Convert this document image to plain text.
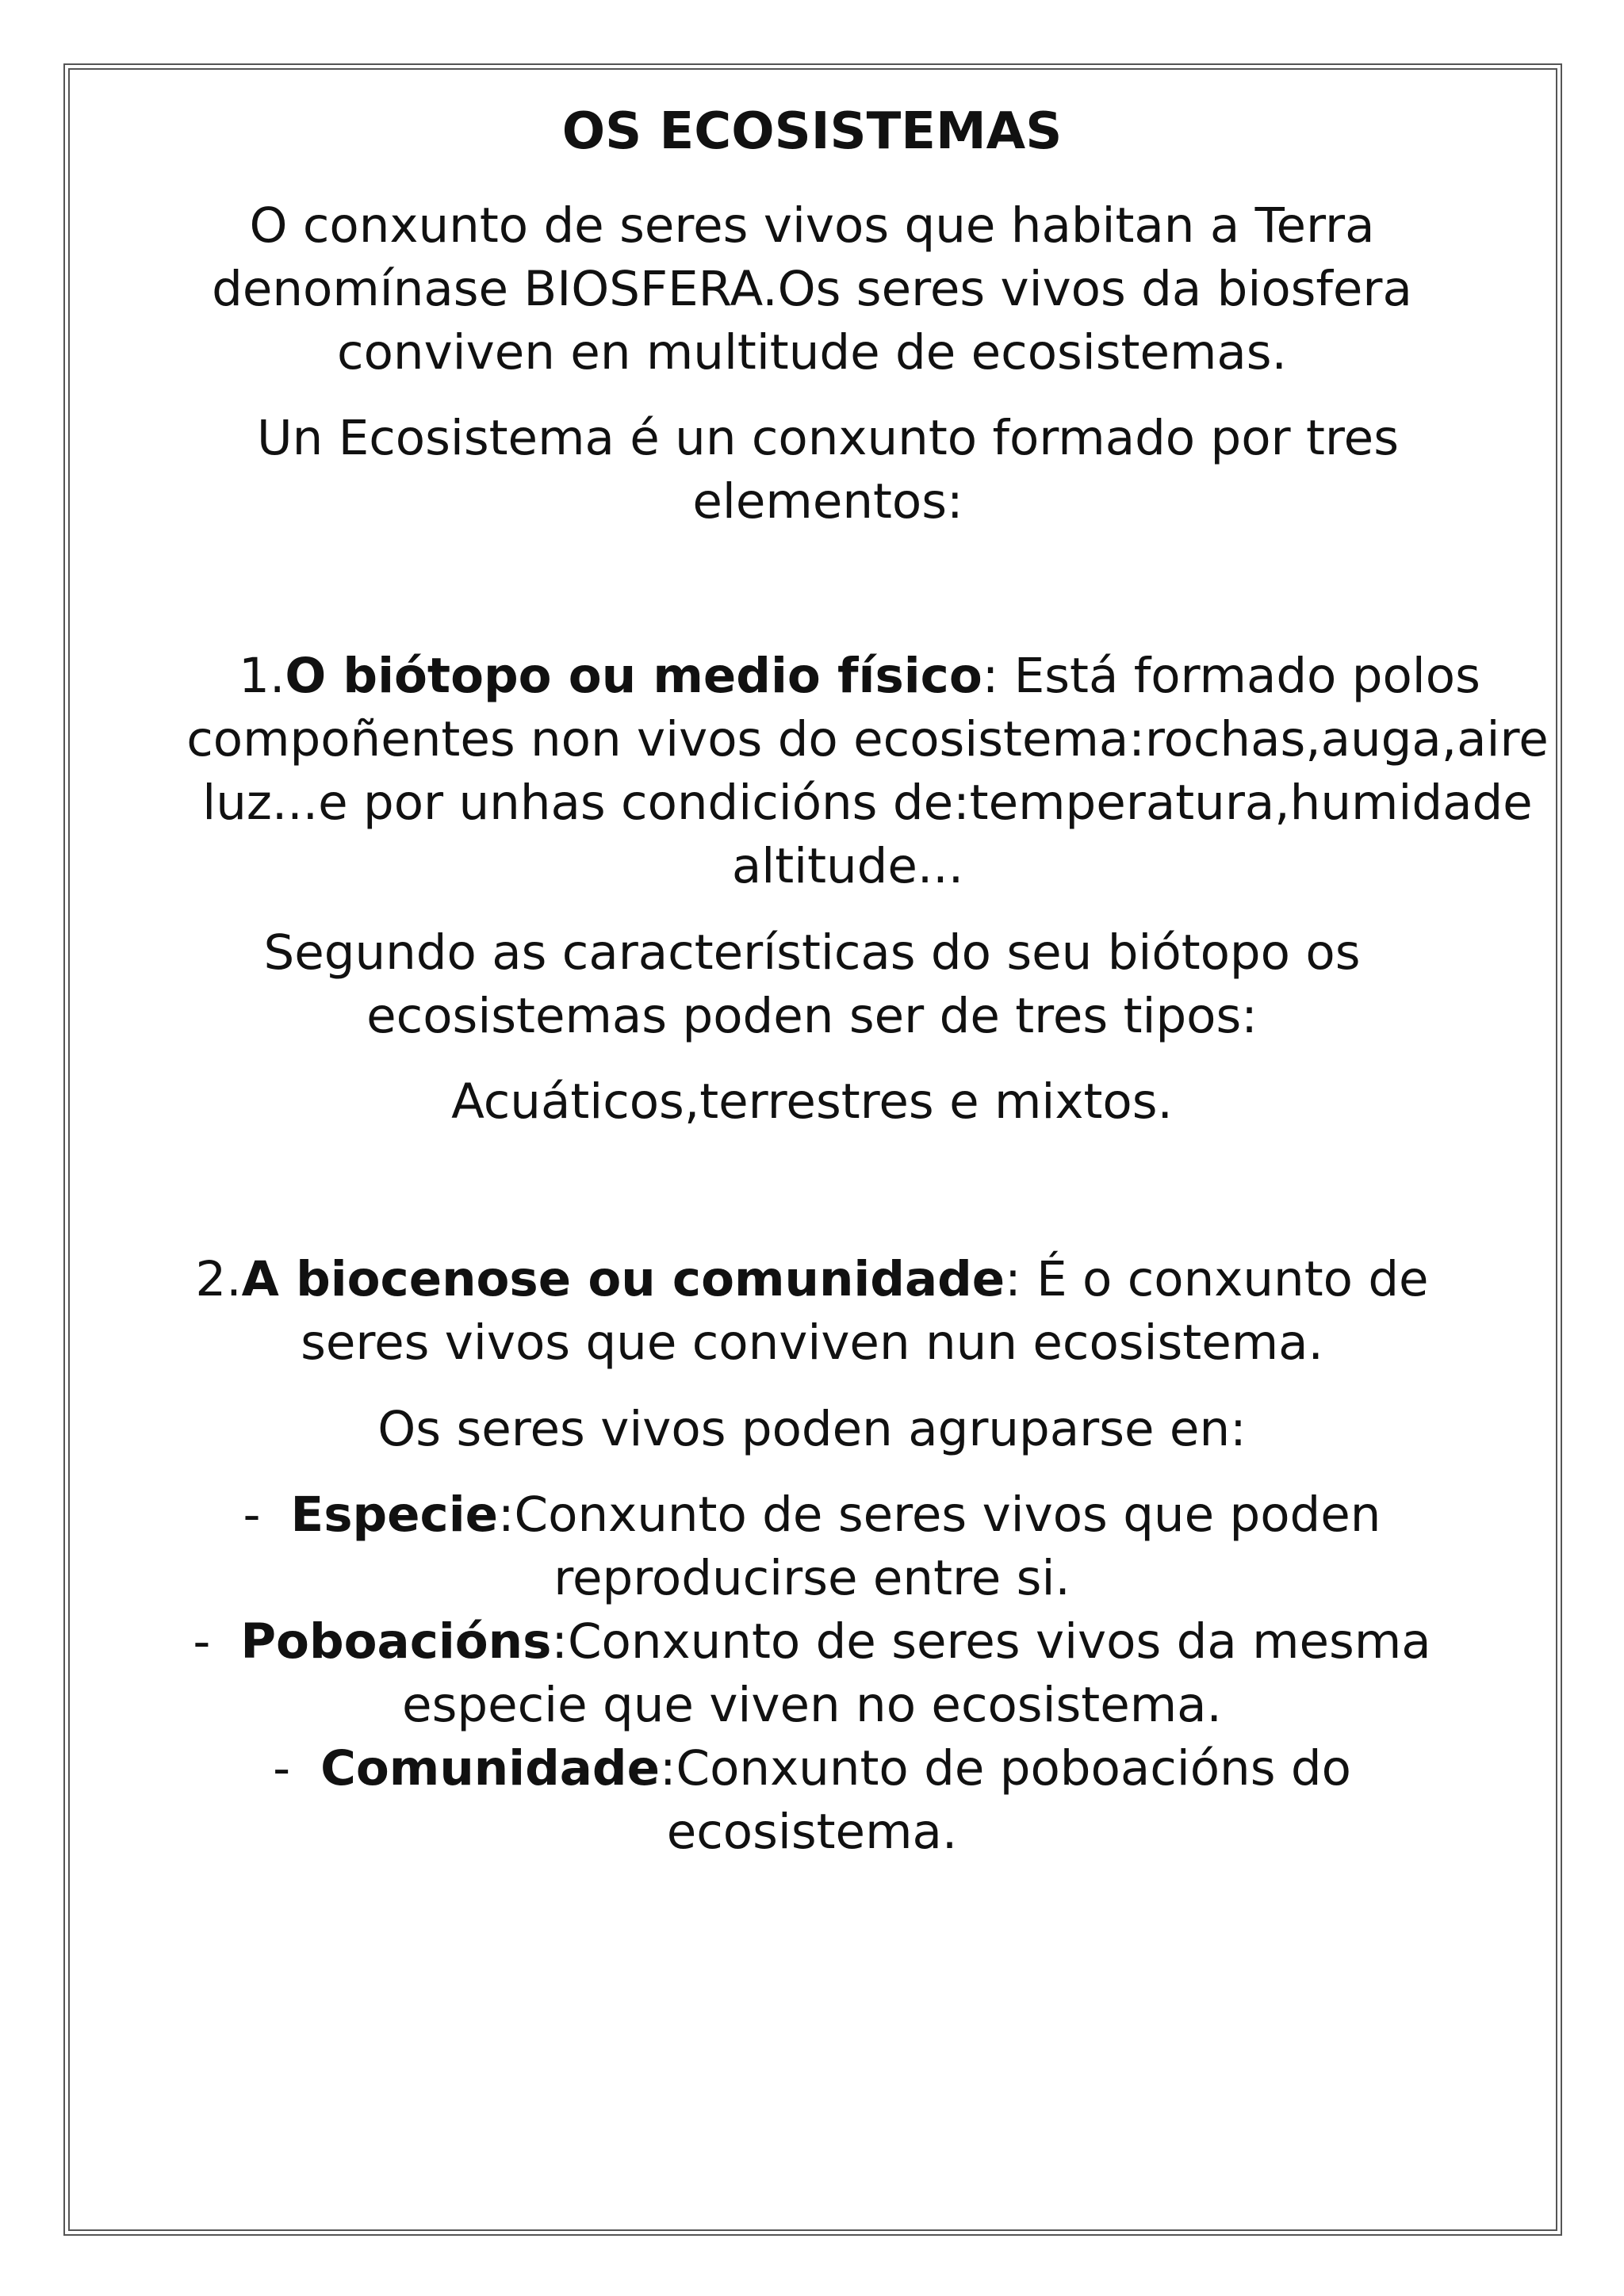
OS ECOSISTEMAS
O conxunto de seres vivos que habitan a Terra
denomínase BIOSFERA.Os seres vivos da biosfera
conviven en multitude de ecosistemas.
Un Ecosistema é un conxunto formado por tres
elementos:
1.O biótopo ou medio físico: Está formado polos
compoñentes non vivos do ecosistema:rochas,auga,aire
luz...e por unhas condicións de:temperatura,humidade
altitude...
Segundo as características do seu biótopo os
ecosistemas poden ser de tres tipos:
Acuáticos,terrestres e mixtos.
2.A biocenose ou comunidade: É o conxunto de
seres vivos que conviven nun ecosistema.
Os seres vivos poden agruparse en:
- Especie:Conxunto de seres vivos que poden
reproducirse entre si.
- Poboacións:Conxunto de seres vivos da mesma
especie que viven no ecosistema.
- Comunidade:Conxunto de poboacións do
ecosistema.
